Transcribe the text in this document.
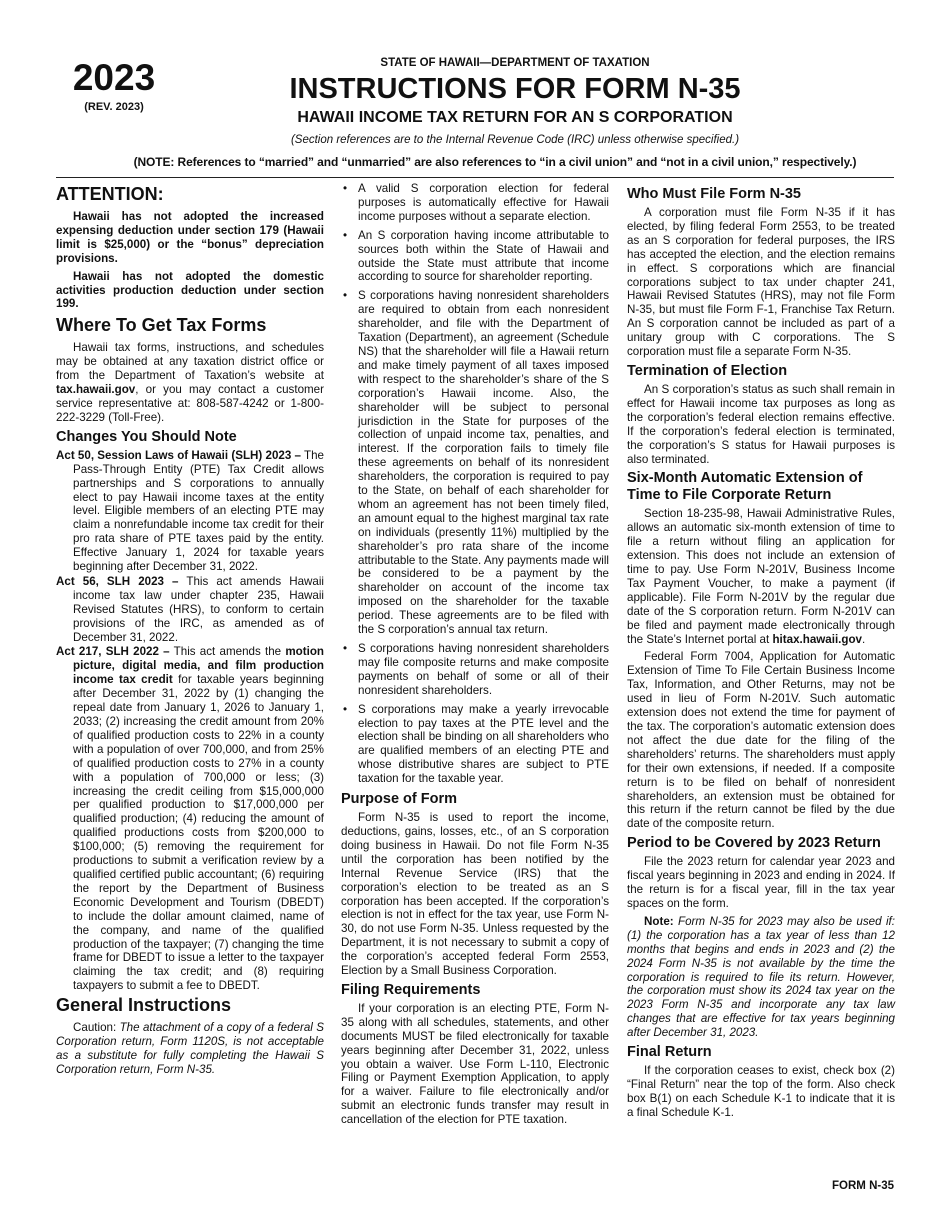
2023
(REV. 2023)
STATE OF HAWAII—DEPARTMENT OF TAXATION
INSTRUCTIONS FOR FORM N-35
HAWAII INCOME TAX RETURN FOR AN S CORPORATION
(Section references are to the Internal Revenue Code (IRC) unless otherwise specified.)
(NOTE: References to “married” and “unmarried” are also references to “in a civil union” and “not in a civil union,” respectively.)
ATTENTION:

Hawaii has not adopted the increased expensing deduction under section 179 (Hawaii limit is $25,000) or the “bonus” depreciation provisions.

Hawaii has not adopted the domestic activities production deduction under section 199.

Where To Get Tax Forms

Hawaii tax forms, instructions, and schedules may be obtained at any taxation district office or from the Department of Taxation’s website at tax.hawaii.gov, or you may contact a customer service representative at: 808-587-4242 or 1-800-222-3229 (Toll-Free).

Changes You Should Note

Act 50, Session Laws of Hawaii (SLH) 2023 – The Pass-Through Entity (PTE) Tax Credit allows partnerships and S corporations to annually elect to pay Hawaii income taxes at the entity level. Eligible members of an electing PTE may claim a nonrefundable income tax credit for their pro rata share of PTE taxes paid by the entity. Effective January 1, 2024 for taxable years beginning after December 31, 2022.

Act 56, SLH 2023 – This act amends Hawaii income tax law under chapter 235, Hawaii Revised Statutes (HRS), to conform to certain provisions of the IRC, as amended as of December 31, 2022.

Act 217, SLH 2022 – This act amends the motion picture, digital media, and film production income tax credit for taxable years beginning after December 31, 2022 by (1) changing the repeal date from January 1, 2026 to January 1, 2033; (2) increasing the credit amount from 20% of qualified production costs to 22% in a county with a population of over 700,000, and from 25% of qualified production costs to 27% in a county with a population of 700,000 or less; (3) increasing the credit ceiling from $15,000,000 per qualified production to $17,000,000 per qualified production; (4) reducing the amount of qualified productions costs from $200,000 to $100,000; (5) removing the requirement for productions to submit a verification review by a qualified certified public accountant; (6) requiring the report by the Department of Business Economic Development and Tourism (DBEDT) to include the dollar amount claimed, name of the company, and name of the qualified production of the taxpayer; (7) changing the time frame for DBEDT to issue a letter to the taxpayer claiming the tax credit; and (8) requiring taxpayers to submit a fee to DBEDT.

General Instructions

Caution: The attachment of a copy of a federal S Corporation return, Form 1120S, is not acceptable as a substitute for fully completing the Hawaii S Corporation return, Form N-35.

• A valid S corporation election for federal purposes is automatically effective for Hawaii income purposes without a separate election.
• An S corporation having income attributable to sources both within the State of Hawaii and outside the State must attribute that income according to source for shareholder reporting.
• S corporations having nonresident shareholders are required to obtain from each nonresident shareholder, and file with the Department of Taxation (Department), an agreement (Schedule NS) that the shareholder will file a Hawaii return and make timely payment of all taxes imposed with respect to the shareholder’s share of the S corporation’s Hawaii income. Also, the shareholder will be subject to personal jurisdiction in the State for purposes of the collection of unpaid income tax, penalties, and interest. If the corporation fails to timely file these agreements on behalf of its nonresident shareholders, the corporation is required to pay to the State, on behalf of each shareholder for whom an agreement has not been timely filed, an amount equal to the highest marginal tax rate on individuals (presently 11%) multiplied by the shareholder’s pro rata share of the income attributable to the State. Any payments made will be considered to be a payment by the shareholder on account of the income tax imposed on the shareholder for the taxable period. These agreements are to be filed with the S corporation’s annual tax return.
• S corporations having nonresident shareholders may file composite returns and make composite payments on behalf of some or all of their nonresident shareholders.
• S corporations may make a yearly irrevocable election to pay taxes at the PTE level and the election shall be binding on all shareholders who are qualified members of an electing PTE and whose distributive shares are subject to PTE taxation for the taxable year.
Purpose of Form

Form N-35 is used to report the income, deductions, gains, losses, etc., of an S corporation doing business in Hawaii. Do not file Form N-35 until the corporation has been notified by the Internal Revenue Service (IRS) that the corporation’s election to be treated as an S corporation has been accepted. If the corporation’s election is not in effect for the tax year, use Form N-30, do not use Form N-35. Unless requested by the Department, it is not necessary to submit a copy of the corporation’s accepted federal Form 2553, Election by a Small Business Corporation.

Filing Requirements

If your corporation is an electing PTE, Form N-35 along with all schedules, statements, and other documents MUST be filed electronically for taxable years beginning after December 31, 2022, unless you obtain a waiver. Use Form L-110, Electronic Filing or Payment Exemption Application, to apply for a waiver. Failure to file electronically and/or submit an electronic funds transfer may result in cancellation of the election for PTE taxation.

Who Must File Form N-35

A corporation must file Form N-35 if it has elected, by filing federal Form 2553, to be treated as an S corporation for federal purposes, the IRS has accepted the election, and the election remains in effect. S corporations which are financial corporations subject to tax under chapter 241, Hawaii Revised Statutes (HRS), may not file Form N-35, but must file Form F-1, Franchise Tax Return. An S corporation cannot be included as part of a unitary group with C corporations. The S corporation must file a separate Form N-35.

Termination of Election

An S corporation’s status as such shall remain in effect for Hawaii income tax purposes as long as the corporation’s federal election remains effective. If the corporation’s federal election is terminated, the corporation’s S status for Hawaii purposes is also terminated.

Six-Month Automatic Extension of Time to File Corporate Return

Section 18-235-98, Hawaii Administrative Rules, allows an automatic six-month extension of time to file a return without filing an application for extension. This does not include an extension of time to pay. Use Form N-201V, Business Income Tax Payment Voucher, to make a payment (if applicable). File Form N-201V by the regular due date of the S corporation return. Form N-201V can be filed and payment made electronically through the State’s Internet portal at hitax.hawaii.gov.

Federal Form 7004, Application for Automatic Extension of Time To File Certain Business Income Tax, Information, and Other Returns, may not be used in lieu of Form N-201V. Such automatic extension does not extend the time for payment of the tax. The corporation’s automatic extension does not affect the due date for the filing of the shareholders’ returns. The shareholders must apply for their own extensions, if needed. If a composite return is to be filed on behalf of nonresident shareholders, an extension must be obtained for this return if the return cannot be filed by the due date of the composite return.

Period to be Covered by 2023 Return

File the 2023 return for calendar year 2023 and fiscal years beginning in 2023 and ending in 2024. If the return is for a fiscal year, fill in the tax year spaces on the form.

Note: Form N-35 for 2023 may also be used if: (1) the corporation has a tax year of less than 12 months that begins and ends in 2023 and (2) the 2024 Form N-35 is not available by the time the corporation is required to file its return. However, the corporation must show its 2024 tax year on the 2023 Form N-35 and incorporate any tax law changes that are effective for tax years beginning after December 31, 2023.

Final Return

If the corporation ceases to exist, check box (2) “Final Return” near the top of the form. Also check box B(1) on each Schedule K-1 to indicate that it is a final Schedule K-1.

FORM N-35
